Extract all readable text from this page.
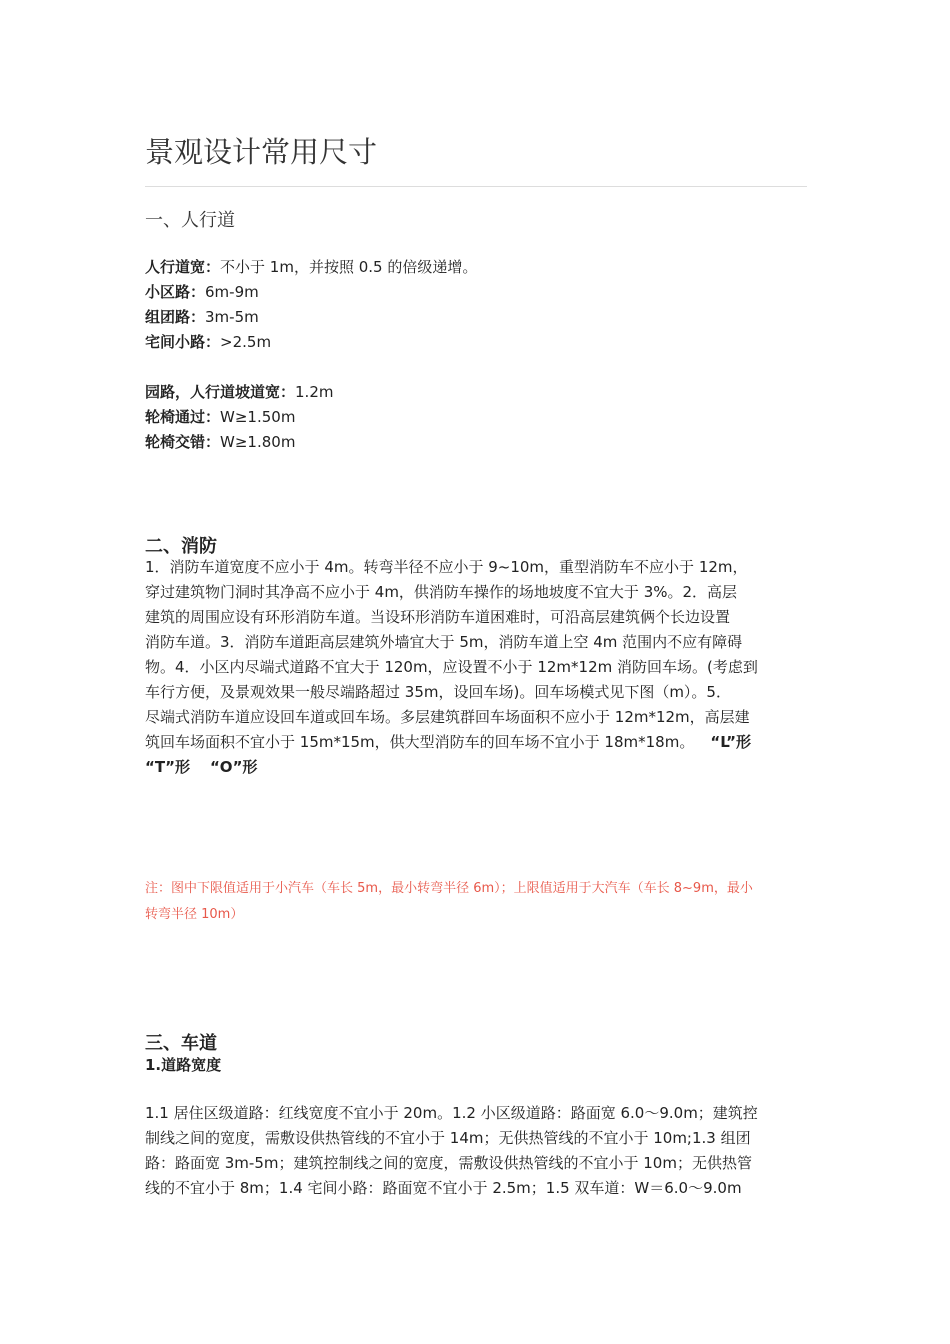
景观设计常用尺寸
一、人行道
人行道宽：不小于 1m，并按照 0.5 的倍级递增。
小区路：6m-9m
组团路：3m-5m
宅间小路：>2.5m
园路，人行道坡道宽：1.2m
轮椅通过：W≥1.50m
轮椅交错：W≥1.80m
二、消防
1．消防车道宽度不应小于 4m。转弯半径不应小于 9~10m，重型消防车不应小于 12m，
穿过建筑物门洞时其净高不应小于 4m，供消防车操作的场地坡度不宜大于 3%。2．高层
建筑的周围应设有环形消防车道。当设环形消防车道困难时，可沿高层建筑俩个长边设置
消防车道。3．消防车道距高层建筑外墙宜大于 5m，消防车道上空 4m 范围内不应有障碍
物。4．小区内尽端式道路不宜大于 120m，应设置不小于 12m*12m 消防回车场。(考虑到
车行方便，及景观效果一般尽端路超过 35m，设回车场)。回车场模式见下图（m）。5．
尽端式消防车道应设回车道或回车场。多层建筑群回车场面积不应小于 12m*12m，高层建
筑回车场面积不宜小于 15m*15m，供大型消防车的回车场不宜小于 18m*18m。 “L”形
“T”形 “O”形
注：图中下限值适用于小汽车（车长 5m，最小转弯半径 6m）；上限值适用于大汽车（车长 8~9m，最小
转弯半径 10m）
三、车道
1.道路宽度
1.1 居住区级道路：红线宽度不宜小于 20m。1.2 小区级道路：路面宽 6.0～9.0m；建筑控
制线之间的宽度，需敷设供热管线的不宜小于 14m；无供热管线的不宜小于 10m;1.3 组团
路：路面宽 3m-5m；建筑控制线之间的宽度，需敷设供热管线的不宜小于 10m；无供热管
线的不宜小于 8m；1.4 宅间小路：路面宽不宜小于 2.5m；1.5 双车道：W＝6.0～9.0m
